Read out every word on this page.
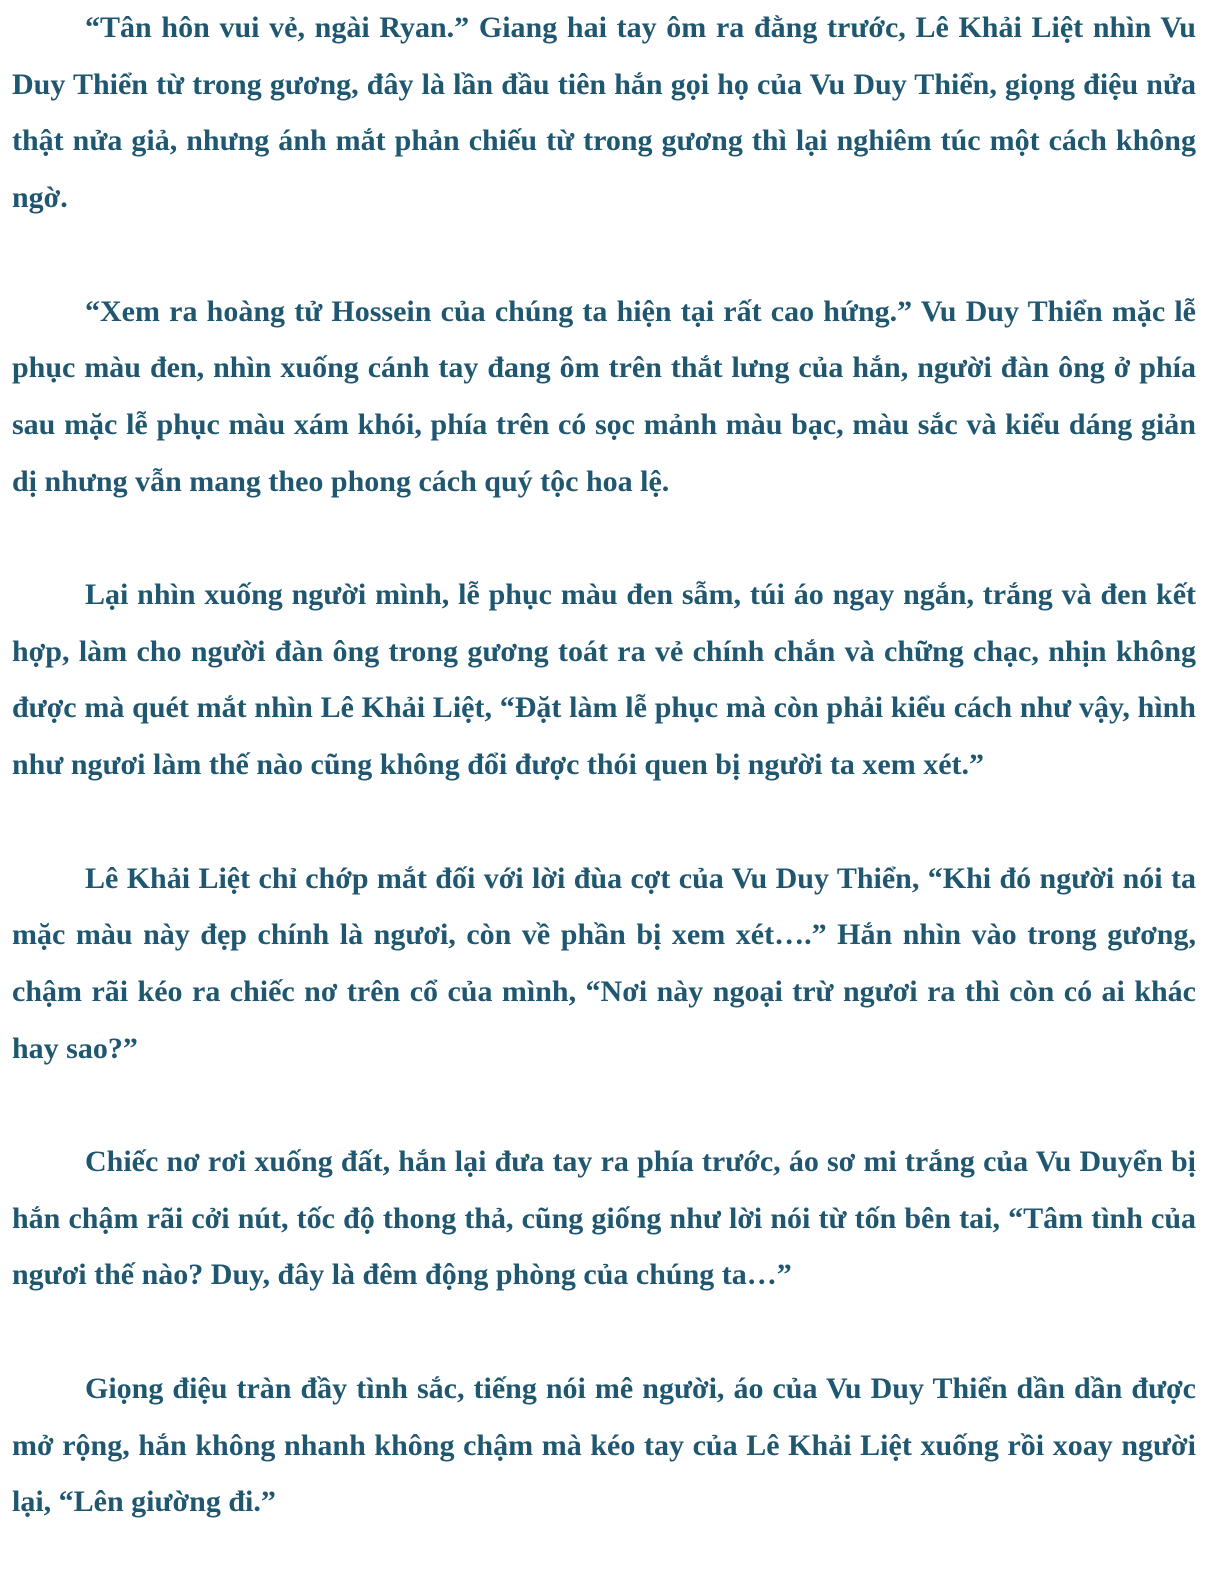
“Tân hôn vui vẻ, ngài Ryan.” Giang hai tay ôm ra đằng trước, Lê Khải Liệt nhìn Vu Duy Thiển từ trong gương, đây là lần đầu tiên hắn gọi họ của Vu Duy Thiển, giọng điệu nửa thật nửa giả, nhưng ánh mắt phản chiếu từ trong gương thì lại nghiêm túc một cách không ngờ.

“Xem ra hoàng tử Hossein của chúng ta hiện tại rất cao hứng.” Vu Duy Thiển mặc lễ phục màu đen, nhìn xuống cánh tay đang ôm trên thắt lưng của hắn, người đàn ông ở phía sau mặc lễ phục màu xám khói, phía trên có sọc mảnh màu bạc, màu sắc và kiểu dáng giản dị nhưng vẫn mang theo phong cách quý tộc hoa lệ.

Lại nhìn xuống người mình, lễ phục màu đen sẫm, túi áo ngay ngắn, trắng và đen kết hợp, làm cho người đàn ông trong gương toát ra vẻ chính chắn và chững chạc, nhịn không được mà quét mắt nhìn Lê Khải Liệt, “Đặt làm lễ phục mà còn phải kiểu cách như vậy, hình như ngươi làm thế nào cũng không đổi được thói quen bị người ta xem xét.”

Lê Khải Liệt chỉ chớp mắt đối với lời đùa cợt của Vu Duy Thiển, “Khi đó người nói ta mặc màu này đẹp chính là ngươi, còn về phần bị xem xét….” Hắn nhìn vào trong gương, chậm rãi kéo ra chiếc nơ trên cổ của mình, “Nơi này ngoại trừ ngươi ra thì còn có ai khác hay sao?”

Chiếc nơ rơi xuống đất, hắn lại đưa tay ra phía trước, áo sơ mi trắng của Vu Duyển bị hắn chậm rãi cởi nút, tốc độ thong thả, cũng giống như lời nói từ tốn bên tai, “Tâm tình của ngươi thế nào? Duy, đây là đêm động phòng của chúng ta…”

Giọng điệu tràn đầy tình sắc, tiếng nói mê người, áo của Vu Duy Thiển dần dần được mở rộng, hắn không nhanh không chậm mà kéo tay của Lê Khải Liệt xuống rồi xoay người lại, “Lên giường đi.”
